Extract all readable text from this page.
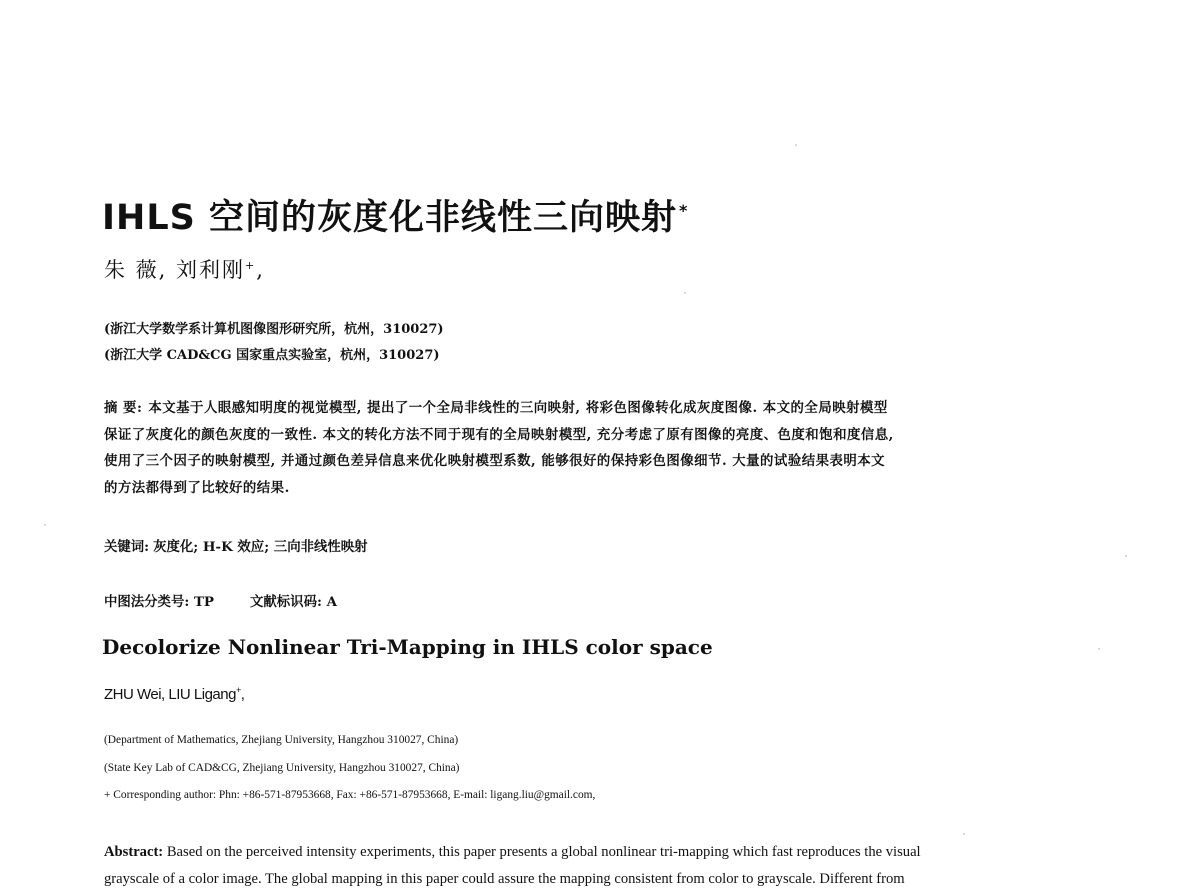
IHLS 空间的灰度化非线性三向映射 *
朱 薇, 刘利刚+,
(浙江大学数学系计算机图像图形研究所，杭州，310027)
(浙江大学 CAD&CG 国家重点实验室，杭州，310027)
摘 要: 本文基于人眼感知明度的视觉模型, 提出了一个全局非线性的三向映射, 将彩色图像转化成灰度图像. 本文的全局映射模型
保证了灰度化的颜色灰度的一致性. 本文的转化方法不同于现有的全局映射模型, 充分考虑了原有图像的亮度、色度和饱和度信息,
使用了三个因子的映射模型, 并通过颜色差异信息来优化映射模型系数, 能够很好的保持彩色图像细节. 大量的试验结果表明本文
的方法都得到了比较好的结果.
关键词: 灰度化; H-K 效应; 三向非线性映射
中图法分类号: TP	文献标识码: A
Decolorize Nonlinear Tri-Mapping in IHLS color space
ZHU Wei, LIU Ligang+,
(Department of Mathematics, Zhejiang University, Hangzhou 310027, China)
(State Key Lab of CAD&CG, Zhejiang University, Hangzhou 310027, China)
+ Corresponding author: Phn: +86-571-87953668, Fax: +86-571-87953668, E-mail: ligang.liu@gmail.com,
Abstract: Based on the perceived intensity experiments, this paper presents a global nonlinear tri-mapping which fast reproduces the visual
grayscale of a color image. The global mapping in this paper could assure the mapping consistent from color to grayscale. Different from
